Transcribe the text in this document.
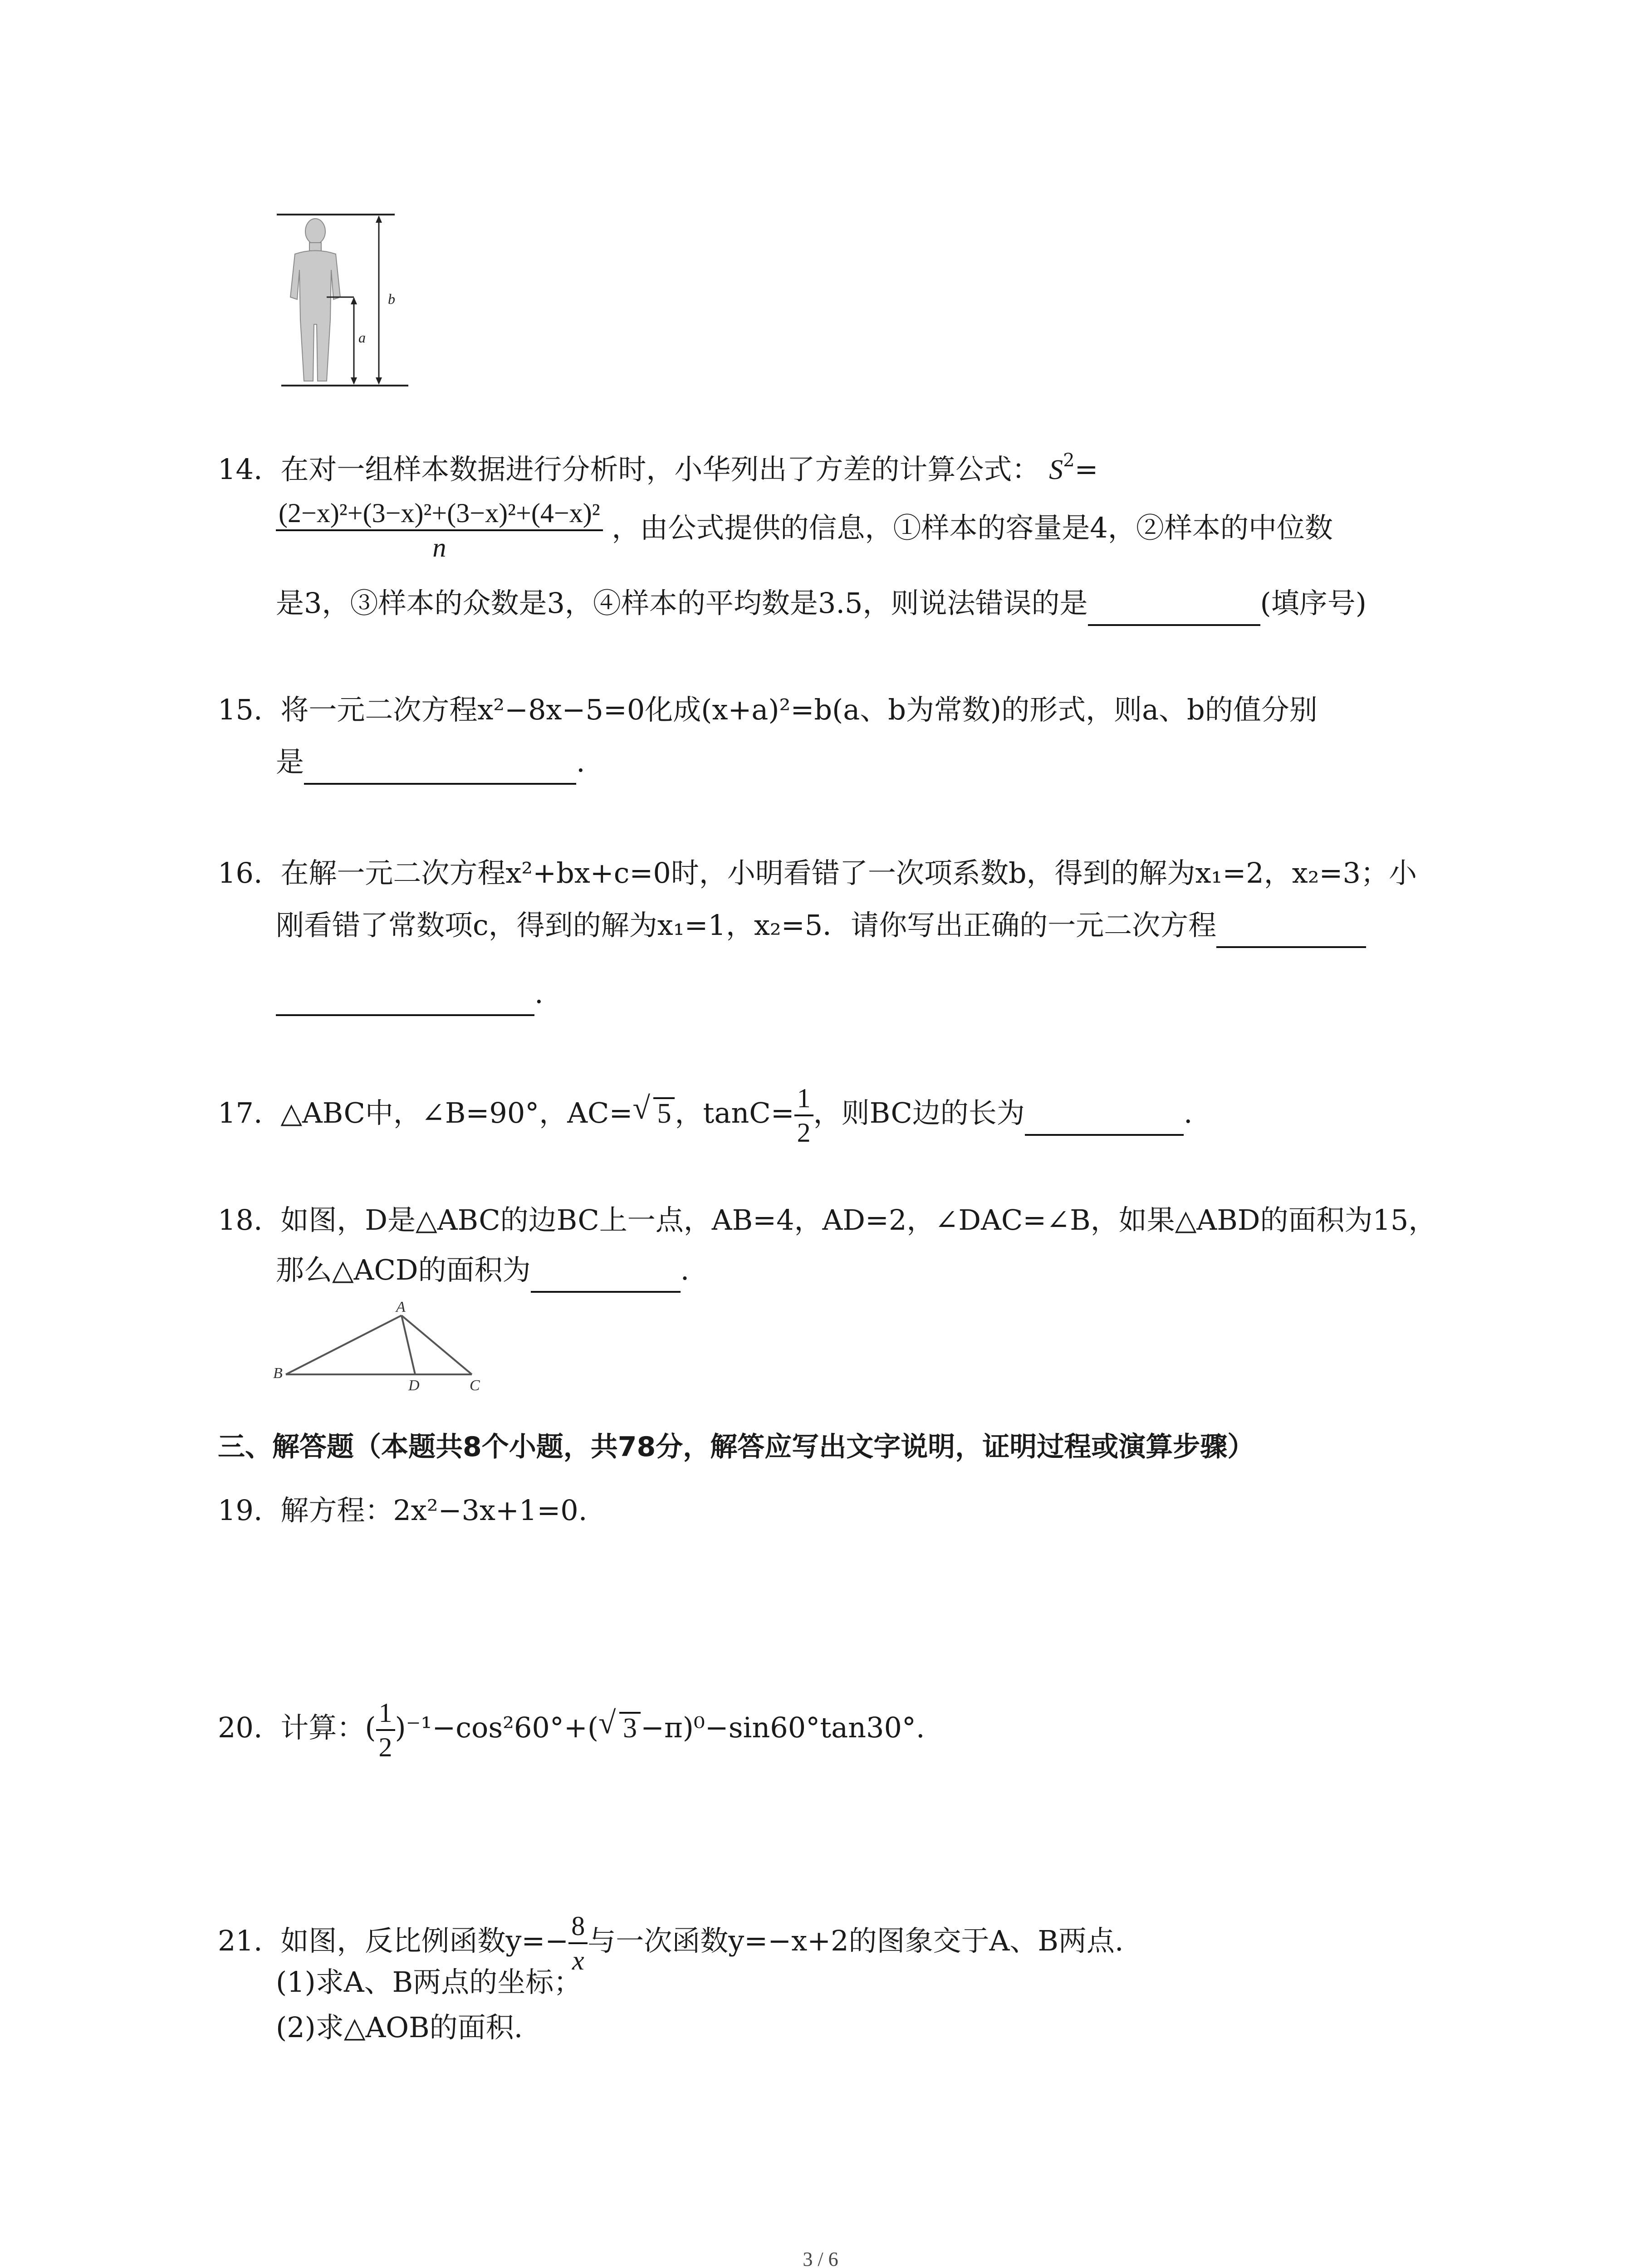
b
a
14. 在对一组样本数据进行分析时，小华列出了方差的计算公式： $S^2=$
$\frac{\text{(2−x)²+(3−x)²+(3−x)²+(4−x)²}}{n}$ ，由公式提供的信息，①样本的容量是4，②样本的中位数
是3，③样本的众数是3，④样本的平均数是3.5，则说法错误的是	(填序号)
15. 将一元二次方程x²−8x−5=0化成(x+a)²=b(a、b为常数)的形式，则a、b的值分别
是	.
16. 在解一元二次方程x²+bx+c=0时，小明看错了一次项系数b，得到的解为x₁=2，x₂=3；小
刚看错了常数项c，得到的解为x₁=1，x₂=5．请你写出正确的一元二次方程
.
17. △ABC中，∠B=90°，AC= √ 5 ，$\tan C= \frac{1}{2}$ ，则BC边的长为	.
18. 如图，D是△ABC的边BC上一点，AB=4，AD=2，∠DAC=∠B，如果△ABD的面积为15，
那么△ACD的面积为	.
A
B
D	C
三、解答题（本题共8个小题，共78分，解答应写出文字说明，证明过程或演算步骤）
19. 解方程：2x²−3x+1=0.
20. 计算：( $\frac{1}{2} )^{-1}-\cos^260^\circ+$( √ 3 −π)⁰−sin60°tan30°.
21. 如图，反比例函数$y=- \frac{8}{x}$ 与一次函数y=−x+2的图象交于A、B两点.
(1)求A、B两点的坐标；
(2)求△AOB的面积.
3 / 6
